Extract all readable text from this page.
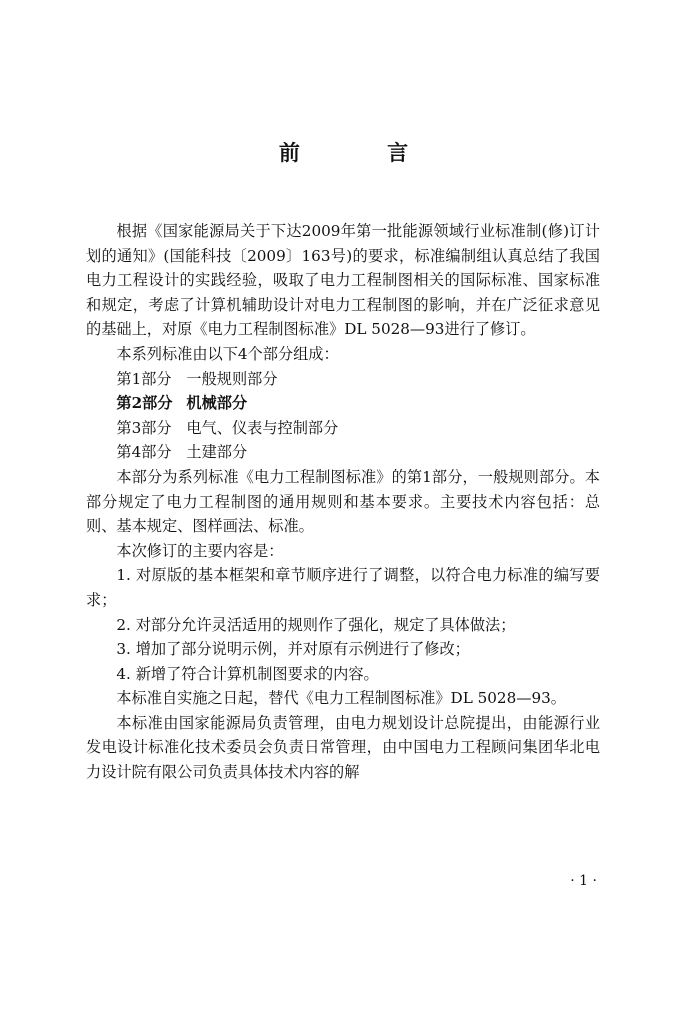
前 言

根据《国家能源局关于下达2009年第一批能源领域行业标准制(修)订计划的通知》(国能科技〔2009〕163号)的要求，标准编制组认真总结了我国电力工程设计的实践经验，吸取了电力工程制图相关的国际标准、国家标准和规定，考虑了计算机辅助设计对电力工程制图的影响，并在广泛征求意见的基础上，对原《电力工程制图标准》DL 5028—93进行了修订。

本系列标准由以下4个部分组成：

第1部分 一般规则部分

第2部分 机械部分

第3部分 电气、仪表与控制部分

第4部分 土建部分

本部分为系列标准《电力工程制图标准》的第1部分，一般规则部分。本部分规定了电力工程制图的通用规则和基本要求。主要技术内容包括：总则、基本规定、图样画法、标准。

本次修订的主要内容是：

1. 对原版的基本框架和章节顺序进行了调整，以符合电力标准的编写要求；

2. 对部分允许灵活适用的规则作了强化，规定了具体做法；

3. 增加了部分说明示例，并对原有示例进行了修改；

4. 新增了符合计算机制图要求的内容。

本标准自实施之日起，替代《电力工程制图标准》DL 5028—93。

本标准由国家能源局负责管理，由电力规划设计总院提出，由能源行业发电设计标准化技术委员会负责日常管理，由中国电力工程顾问集团华北电力设计院有限公司负责具体技术内容的解

· 1 ·
